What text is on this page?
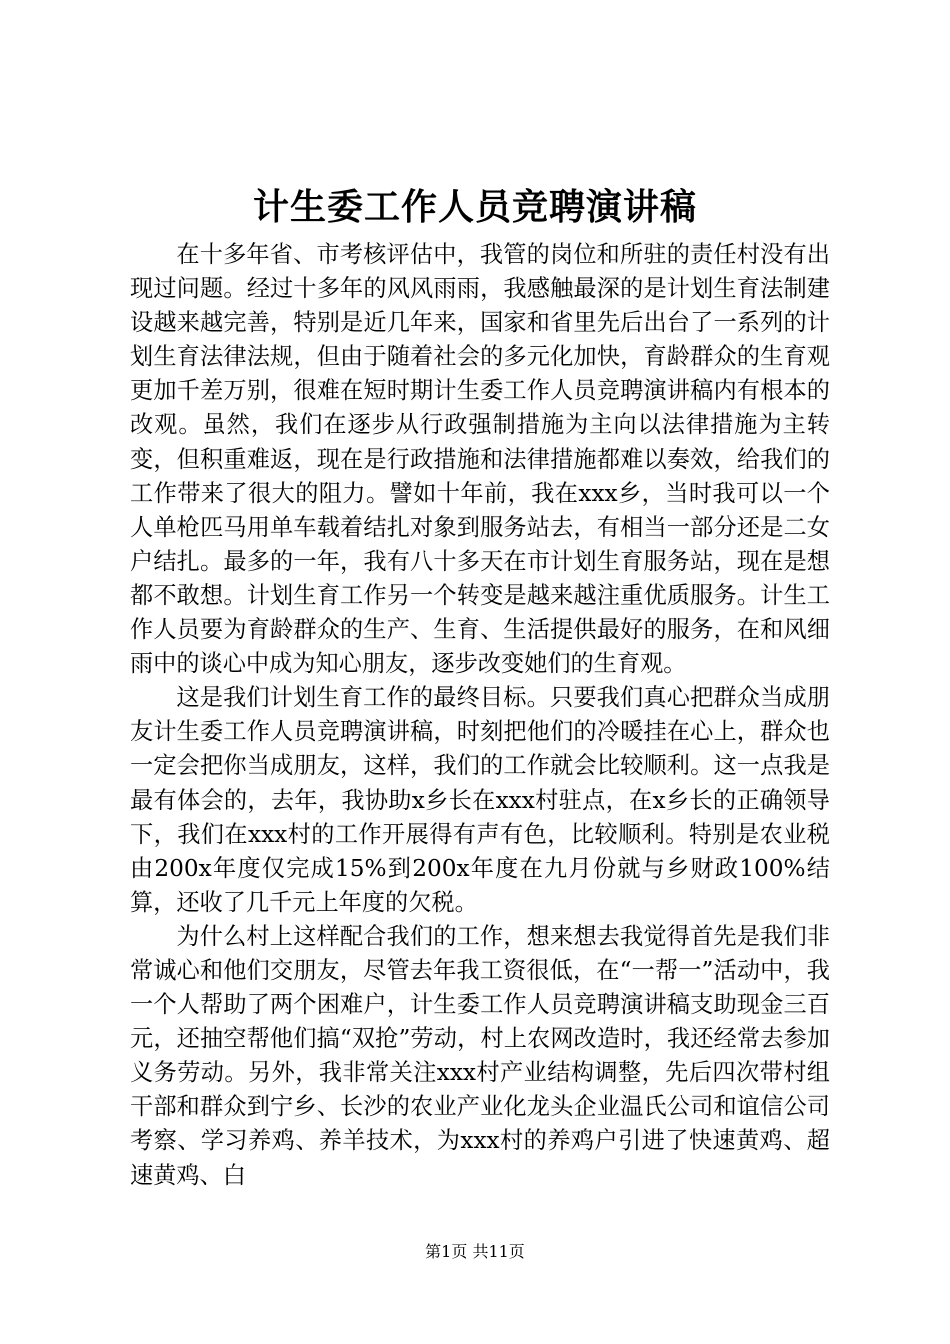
计生委工作人员竞聘演讲稿

在十多年省、市考核评估中，我管的岗位和所驻的责任村没有出现过问题。经过十多年的风风雨雨，我感触最深的是计划生育法制建设越来越完善，特别是近几年来，国家和省里先后出台了一系列的计划生育法律法规，但由于随着社会的多元化加快，育龄群众的生育观更加千差万别，很难在短时期计生委工作人员竞聘演讲稿内有根本的改观。虽然，我们在逐步从行政强制措施为主向以法律措施为主转变，但积重难返，现在是行政措施和法律措施都难以奏效，给我们的工作带来了很大的阻力。譬如十年前，我在xxx乡，当时我可以一个人单枪匹马用单车载着结扎对象到服务站去，有相当一部分还是二女户结扎。最多的一年，我有八十多天在市计划生育服务站，现在是想都不敢想。计划生育工作另一个转变是越来越注重优质服务。计生工作人员要为育龄群众的生产、生育、生活提供最好的服务，在和风细雨中的谈心中成为知心朋友，逐步改变她们的生育观。

这是我们计划生育工作的最终目标。只要我们真心把群众当成朋友计生委工作人员竞聘演讲稿，时刻把他们的冷暖挂在心上，群众也一定会把你当成朋友，这样，我们的工作就会比较顺利。这一点我是最有体会的，去年，我协助x乡长在xxx村驻点，在x乡长的正确领导下，我们在xxx村的工作开展得有声有色，比较顺利。特别是农业税由200x年度仅完成15%到200x年度在九月份就与乡财政100%结算，还收了几千元上年度的欠税。

为什么村上这样配合我们的工作，想来想去我觉得首先是我们非常诚心和他们交朋友，尽管去年我工资很低，在“一帮一”活动中，我一个人帮助了两个困难户，计生委工作人员竞聘演讲稿支助现金三百元，还抽空帮他们搞“双抢”劳动，村上农网改造时，我还经常去参加义务劳动。另外，我非常关注xxx村产业结构调整，先后四次带村组干部和群众到宁乡、长沙的农业产业化龙头企业温氏公司和谊信公司考察、学习养鸡、养羊技术，为xxx村的养鸡户引进了快速黄鸡、超速黄鸡、白

第1页 共11页
